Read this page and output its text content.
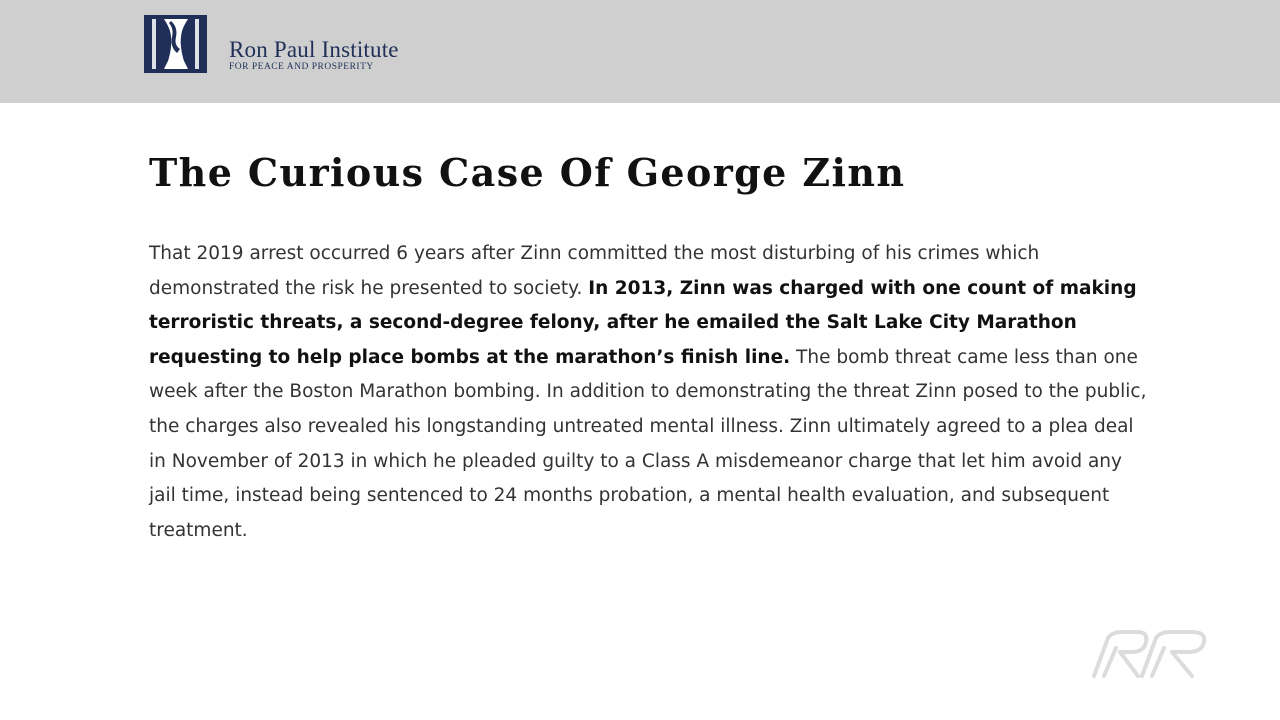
Ron Paul Institute
FOR PEACE AND PROSPERITY
The Curious Case Of George Zinn

That 2019 arrest occurred 6 years after Zinn committed the most disturbing of his crimes which demonstrated the risk he presented to society. In 2013, Zinn was charged with one count of making terroristic threats, a second-degree felony, after he emailed the Salt Lake City Marathon requesting to help place bombs at the marathon’s finish line. The bomb threat came less than one week after the Boston Marathon bombing. In addition to demonstrating the threat Zinn posed to the public, the charges also revealed his longstanding untreated mental illness. Zinn ultimately agreed to a plea deal in November of 2013 in which he pleaded guilty to a Class A misdemeanor charge that let him avoid any jail time, instead being sentenced to 24 months probation, a mental health evaluation, and subsequent treatment.
